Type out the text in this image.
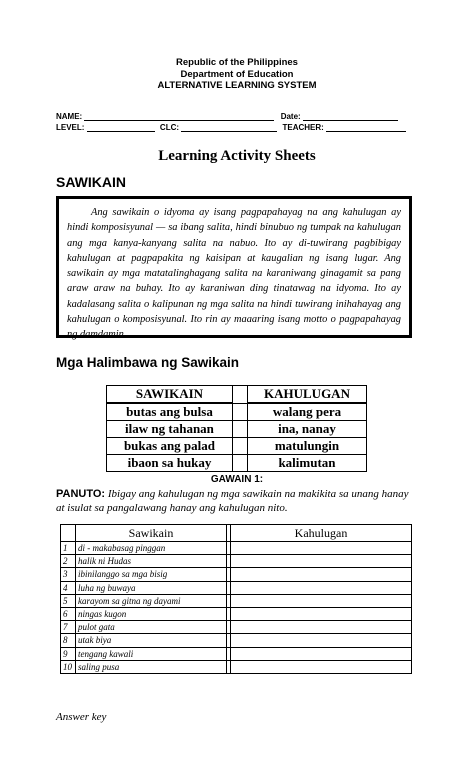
Republic of the Philippines
Department of Education
ALTERNATIVE LEARNING SYSTEM
NAME:	Date:
LEVEL:	CLC:	TEACHER:
Learning Activity Sheets
SAWIKAIN

Ang sawikain o idyoma ay isang pagpapahayag na ang kahulugan ay hindi komposisyunal — sa ibang salita, hindi binubuo ng tumpak na kahulugan ang mga kanya-kanyang salita na nabuo. Ito ay di-tuwirang pagbibigay kahulugan at pagpapakita ng kaisipan at kaugalian ng isang lugar. Ang sawikain ay mga matatalinghagang salita na karaniwang ginagamit sa pang araw araw na buhay. Ito ay karaniwan ding tinatawag na idyoma. Ito ay kadalasang salita o kalipunan ng mga salita na hindi tuwirang inihahayag ang kahulugan o komposisyunal. Ito rin ay maaaring isang motto o pagpapahayag ng damdamin.

Mga Halimbawa ng Sawikain
SAWIKAIN		KAHULUGAN
butas ang bulsa		walang pera
ilaw ng tahanan		ina, nanay
bukas ang palad		matulungin
ibaon sa hukay		kalimutan
GAWAIN 1:
PANUTO: Ibigay ang kahulugan ng mga sawikain na makikita sa unang hanay at isulat sa pangalawang hanay ang kahulugan nito.
	Sawikain		Kahulugan
1	di - makabasag pinggan		
2	halik ni Hudas		
3	ibinilanggo sa mga bisig		
4	luha ng buwaya		
5	karayom sa gitna ng dayami		
6	ningas kugon		
7	pulot gata		
8	utak biya		
9	tengang kawali		
10	saling pusa		
Answer key
